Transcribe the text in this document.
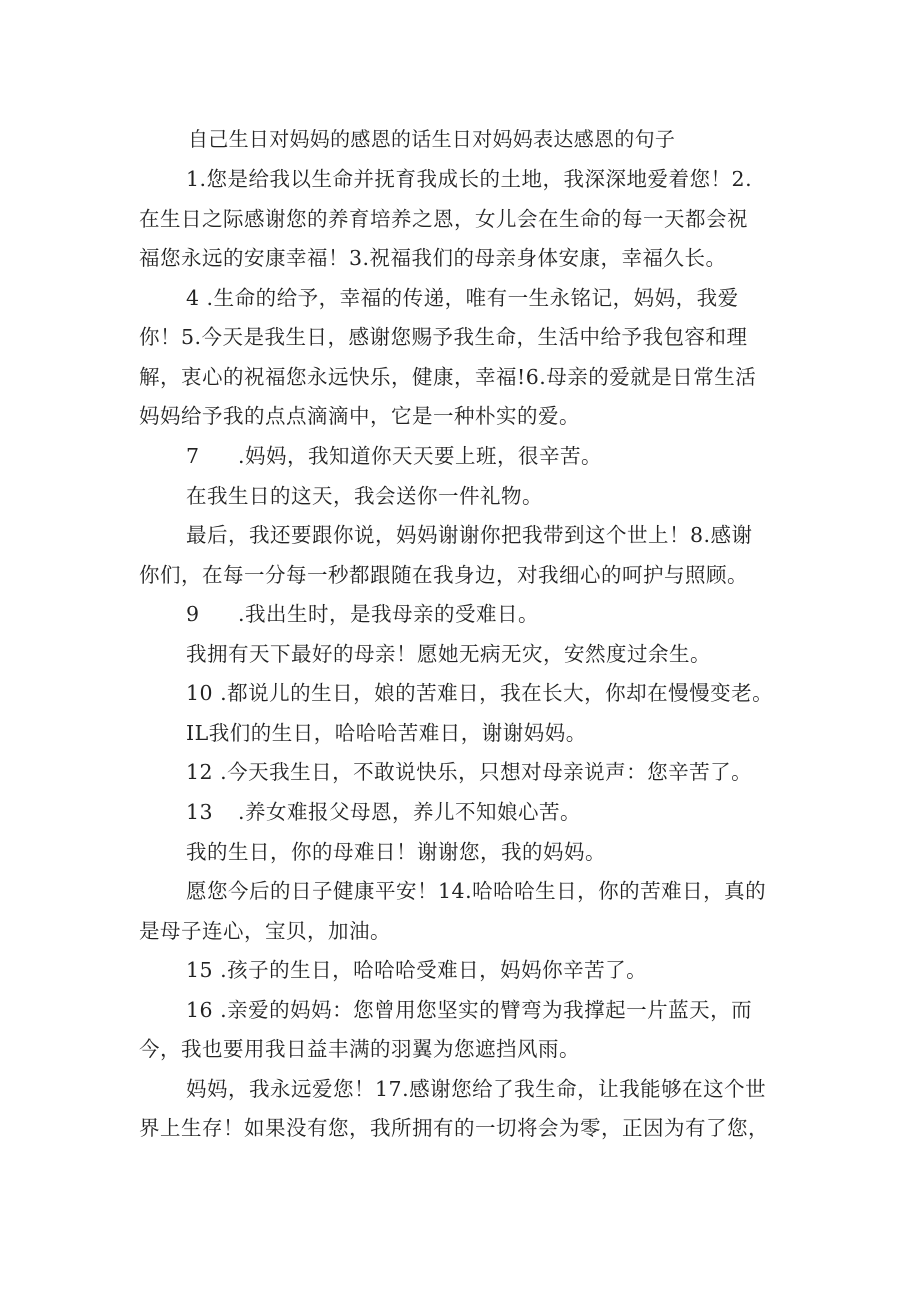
自己生日对妈妈的感恩的话生日对妈妈表达感恩的句子
1.您是给我以生命并抚育我成长的土地，我深深地爱着您！2.
在生日之际感谢您的养育培养之恩，女儿会在生命的每一天都会祝
福您永远的安康幸福！3.祝福我们的母亲身体安康，幸福久长。
4 .生命的给予，幸福的传递，唯有一生永铭记，妈妈，我爱
你！5.今天是我生日，感谢您赐予我生命，生活中给予我包容和理
解，衷心的祝福您永远快乐，健康，幸福!6.母亲的爱就是日常生活
妈妈给予我的点点滴滴中，它是一种朴实的爱。
7 .妈妈，我知道你天天要上班，很辛苦。
在我生日的这天，我会送你一件礼物。
最后，我还要跟你说，妈妈谢谢你把我带到这个世上！8.感谢
你们，在每一分每一秒都跟随在我身边，对我细心的呵护与照顾。
9 .我出生时，是我母亲的受难日。
我拥有天下最好的母亲！愿她无病无灾，安然度过余生。
10 .都说儿的生日，娘的苦难日，我在长大，你却在慢慢变老。
IL我们的生日，哈哈哈苦难日，谢谢妈妈。
12 .今天我生日，不敢说快乐，只想对母亲说声：您辛苦了。
13 .养女难报父母恩，养儿不知娘心苦。
我的生日，你的母难日！谢谢您，我的妈妈。
愿您今后的日子健康平安！14.哈哈哈生日，你的苦难日，真的
是母子连心，宝贝，加油。
15 .孩子的生日，哈哈哈受难日，妈妈你辛苦了。
16 .亲爱的妈妈：您曾用您坚实的臂弯为我撑起一片蓝天，而
今，我也要用我日益丰满的羽翼为您遮挡风雨。
妈妈，我永远爱您！17.感谢您给了我生命，让我能够在这个世
界上生存！如果没有您，我所拥有的一切将会为零，正因为有了您，
